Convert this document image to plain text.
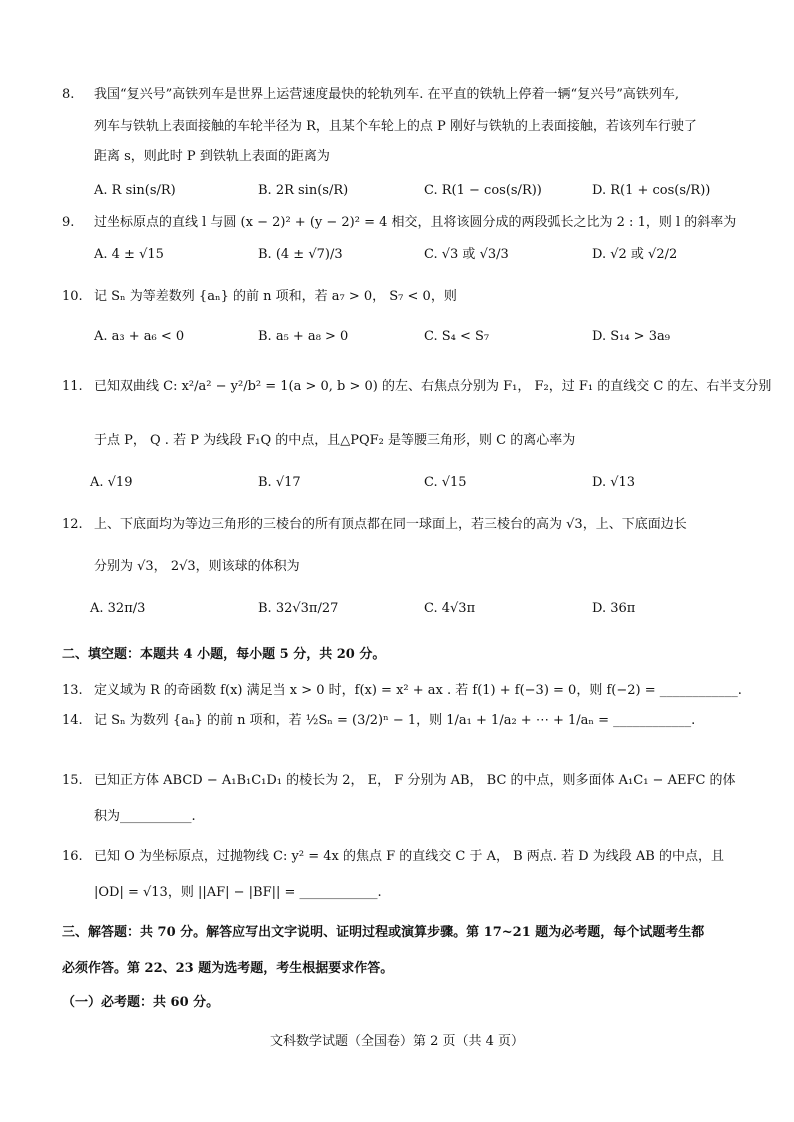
8. 我国“复兴号”高铁列车是世界上运营速度最快的轮轨列车. 在平直的铁轨上停着一辆“复兴号”高铁列车,
列车与铁轨上表面接触的车轮半径为 R，且某个车轮上的点 P 刚好与铁轨的上表面接触，若该列车行驶了
距离 s，则此时 P 到铁轨上表面的距离为
A. R sin(s/R)	B. 2R sin(s/R)	C. R(1 − cos(s/R))	D. R(1 + cos(s/R))
9. 过坐标原点的直线 l 与圆 (x − 2)² + (y − 2)² = 4 相交，且将该圆分成的两段弧长之比为 2 : 1，则 l 的斜率为
A. 4 ± √15	B. (4 ± √7)/3	C. √3 或 √3/3	D. √2 或 √2/2
10. 记 Sₙ 为等差数列 {aₙ} 的前 n 项和，若 a₇ > 0， S₇ < 0，则
A. a₃ + a₆ < 0	B. a₅ + a₈ > 0	C. S₄ < S₇	D. S₁₄ > 3a₉
11. 已知双曲线 C: x²/a² − y²/b² = 1(a > 0, b > 0) 的左、右焦点分别为 F₁， F₂，过 F₁ 的直线交 C 的左、右半支分别
于点 P， Q . 若 P 为线段 F₁Q 的中点，且△PQF₂ 是等腰三角形，则 C 的离心率为
A. √19	B. √17	C. √15	D. √13
12. 上、下底面均为等边三角形的三棱台的所有顶点都在同一球面上，若三棱台的高为 √3，上、下底面边长
分别为 √3， 2√3，则该球的体积为
A. 32π/3	B. 32√3π/27	C. 4√3π	D. 36π
二、填空题：本题共 4 小题，每小题 5 分，共 20 分。
13. 定义域为 R 的奇函数 f(x) 满足当 x > 0 时，f(x) = x² + ax . 若 f(1) + f(−3) = 0，则 f(−2) = ____________.
14. 记 Sₙ 为数列 {aₙ} 的前 n 项和，若 ½Sₙ = (3/2)ⁿ − 1，则 1/a₁ + 1/a₂ + ⋯ + 1/aₙ = ____________.
15. 已知正方体 ABCD − A₁B₁C₁D₁ 的棱长为 2， E， F 分别为 AB， BC 的中点，则多面体 A₁C₁ − AEFC 的体
积为___________.
16. 已知 O 为坐标原点，过抛物线 C: y² = 4x 的焦点 F 的直线交 C 于 A， B 两点. 若 D 为线段 AB 的中点，且
|OD| = √13，则 ||AF| − |BF|| = ____________.
三、解答题：共 70 分。解答应写出文字说明、证明过程或演算步骤。第 17~21 题为必考题，每个试题考生都
必须作答。第 22、23 题为选考题，考生根据要求作答。
（一）必考题：共 60 分。
文科数学试题（全国卷）第 2 页（共 4 页）
